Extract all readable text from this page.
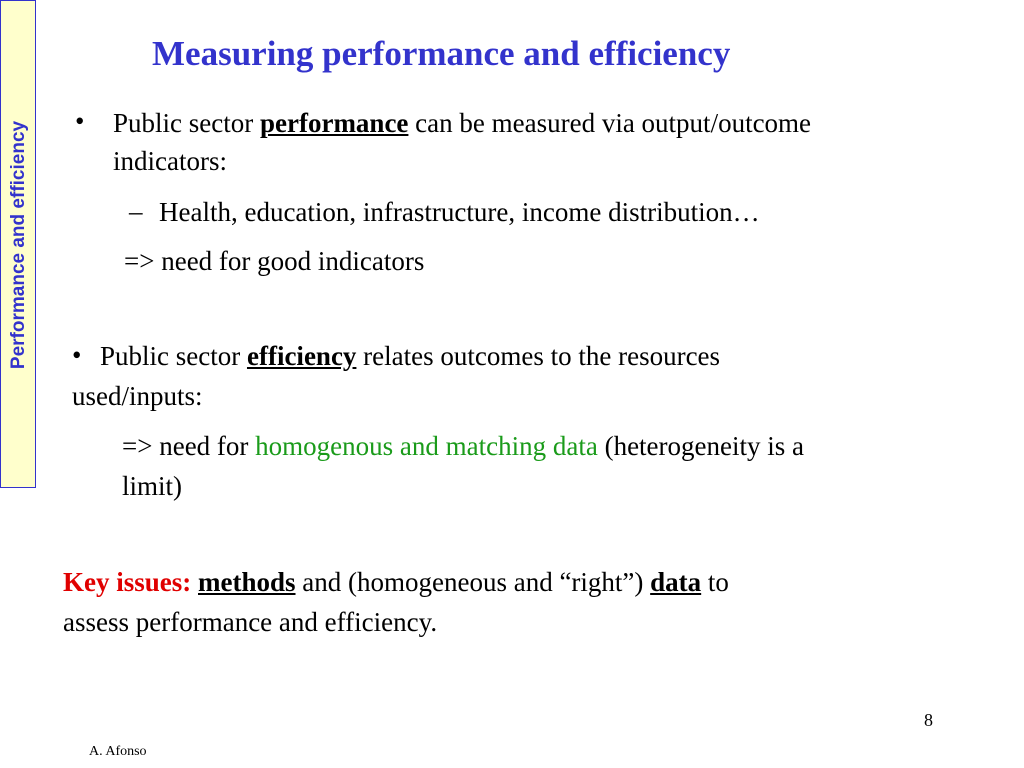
Performance and efficiency
Measuring performance and efficiency
• Public sector performance can be measured via output/outcome
indicators:
– Health, education, infrastructure, income distribution…
=> need for good indicators
• Public sector efficiency relates outcomes to the resources
used/inputs:
=> need for homogenous and matching data (heterogeneity is a
limit)
Key issues: methods and (homogeneous and “right”) data to
assess performance and efficiency.
8
A. Afonso
